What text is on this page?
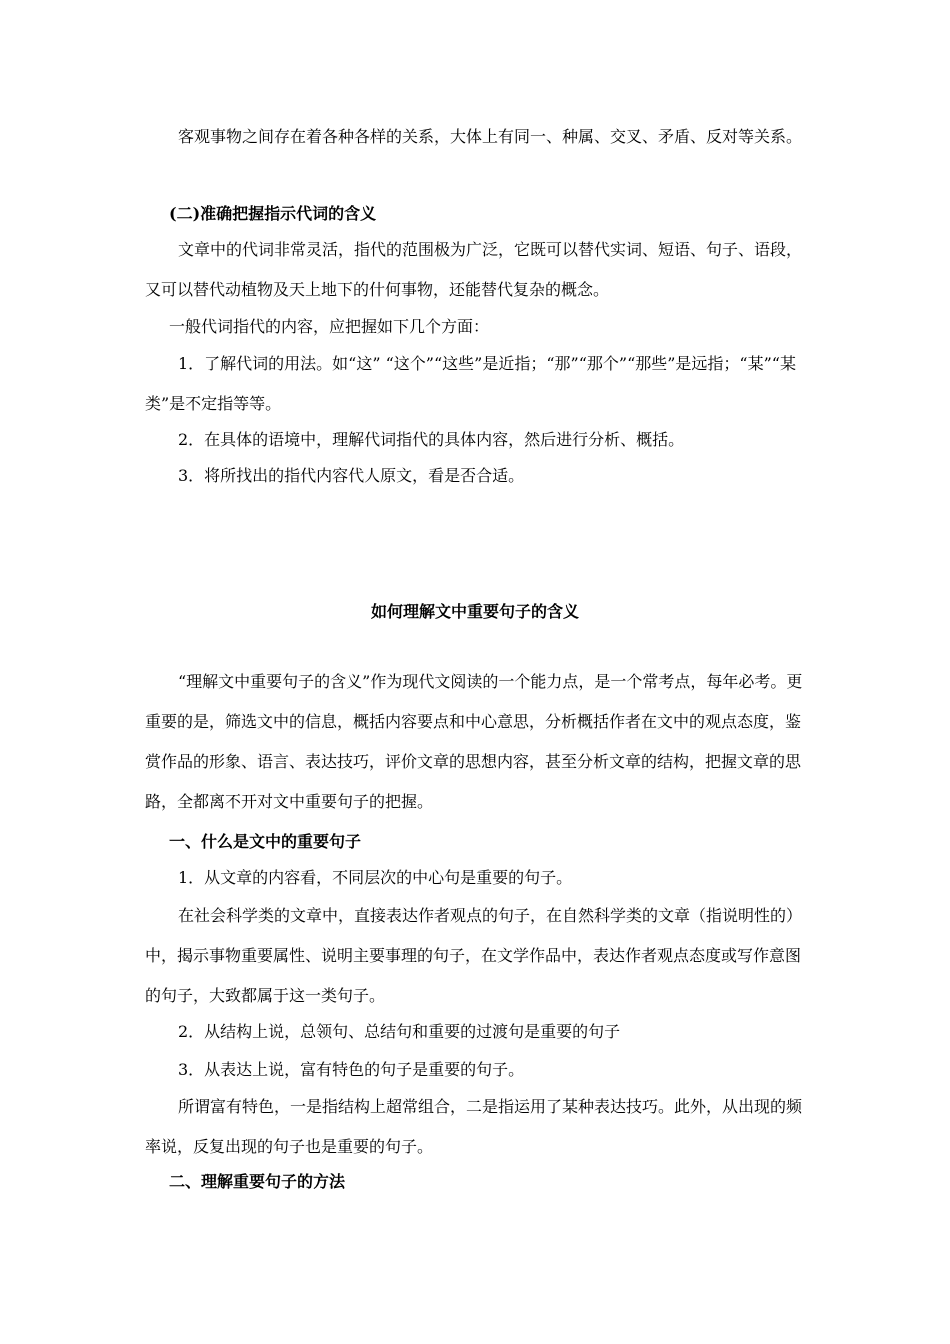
客观事物之间存在着各种各样的关系，大体上有同一、种属、交叉、矛盾、反对等关系。

(二)准确把握指示代词的含义

文章中的代词非常灵活，指代的范围极为广泛，它既可以替代实词、短语、句子、语段，又可以替代动植物及天上地下的什何事物，还能替代复杂的概念。

一般代词指代的内容，应把握如下几个方面：

1．了解代词的用法。如“这” “这个”“这些”是近指；“那”“那个”“那些”是远指；“某”“某类”是不定指等等。

2．在具体的语境中，理解代词指代的具体内容，然后进行分析、概括。

3．将所找出的指代内容代人原文，看是否合适。

如何理解文中重要句子的含义

“理解文中重要句子的含义”作为现代文阅读的一个能力点，是一个常考点，每年必考。更重要的是，筛选文中的信息，概括内容要点和中心意思，分析概括作者在文中的观点态度，鉴赏作品的形象、语言、表达技巧，评价文章的思想内容，甚至分析文章的结构，把握文章的思路，全都离不开对文中重要句子的把握。

一、什么是文中的重要句子

1．从文章的内容看，不同层次的中心句是重要的句子。

在社会科学类的文章中，直接表达作者观点的句子，在自然科学类的文章（指说明性的）中，揭示事物重要属性、说明主要事理的句子，在文学作品中，表达作者观点态度或写作意图的句子，大致都属于这一类句子。

2．从结构上说，总领句、总结句和重要的过渡句是重要的句子

3．从表达上说，富有特色的句子是重要的句子。

所谓富有特色，一是指结构上超常组合，二是指运用了某种表达技巧。此外，从出现的频率说，反复出现的句子也是重要的句子。

二、理解重要句子的方法
